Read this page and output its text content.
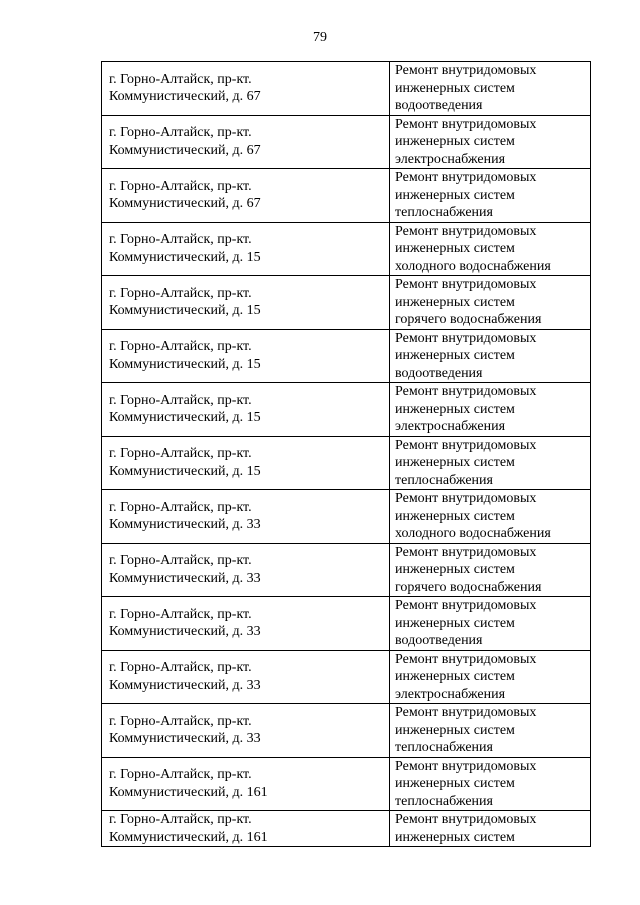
79
г. Горно-Алтайск, пр-кт.
Коммунистический, д. 67	Ремонт внутридомовых
инженерных систем
водоотведения

г. Горно-Алтайск, пр-кт.
Коммунистический, д. 67	Ремонт внутридомовых
инженерных систем
электроснабжения

г. Горно-Алтайск, пр-кт.
Коммунистический, д. 67	Ремонт внутридомовых
инженерных систем
теплоснабжения

г. Горно-Алтайск, пр-кт.
Коммунистический, д. 15	Ремонт внутридомовых
инженерных систем
холодного водоснабжения

г. Горно-Алтайск, пр-кт.
Коммунистический, д. 15	Ремонт внутридомовых
инженерных систем
горячего водоснабжения

г. Горно-Алтайск, пр-кт.
Коммунистический, д. 15	Ремонт внутридомовых
инженерных систем
водоотведения

г. Горно-Алтайск, пр-кт.
Коммунистический, д. 15	Ремонт внутридомовых
инженерных систем
электроснабжения

г. Горно-Алтайск, пр-кт.
Коммунистический, д. 15	Ремонт внутридомовых
инженерных систем
теплоснабжения

г. Горно-Алтайск, пр-кт.
Коммунистический, д. 33	Ремонт внутридомовых
инженерных систем
холодного водоснабжения

г. Горно-Алтайск, пр-кт.
Коммунистический, д. 33	Ремонт внутридомовых
инженерных систем
горячего водоснабжения

г. Горно-Алтайск, пр-кт.
Коммунистический, д. 33	Ремонт внутридомовых
инженерных систем
водоотведения

г. Горно-Алтайск, пр-кт.
Коммунистический, д. 33	Ремонт внутридомовых
инженерных систем
электроснабжения

г. Горно-Алтайск, пр-кт.
Коммунистический, д. 33	Ремонт внутридомовых
инженерных систем
теплоснабжения

г. Горно-Алтайск, пр-кт.
Коммунистический, д. 161	Ремонт внутридомовых
инженерных систем
теплоснабжения

г. Горно-Алтайск, пр-кт.
Коммунистический, д. 161	Ремонт внутридомовых
инженерных систем
